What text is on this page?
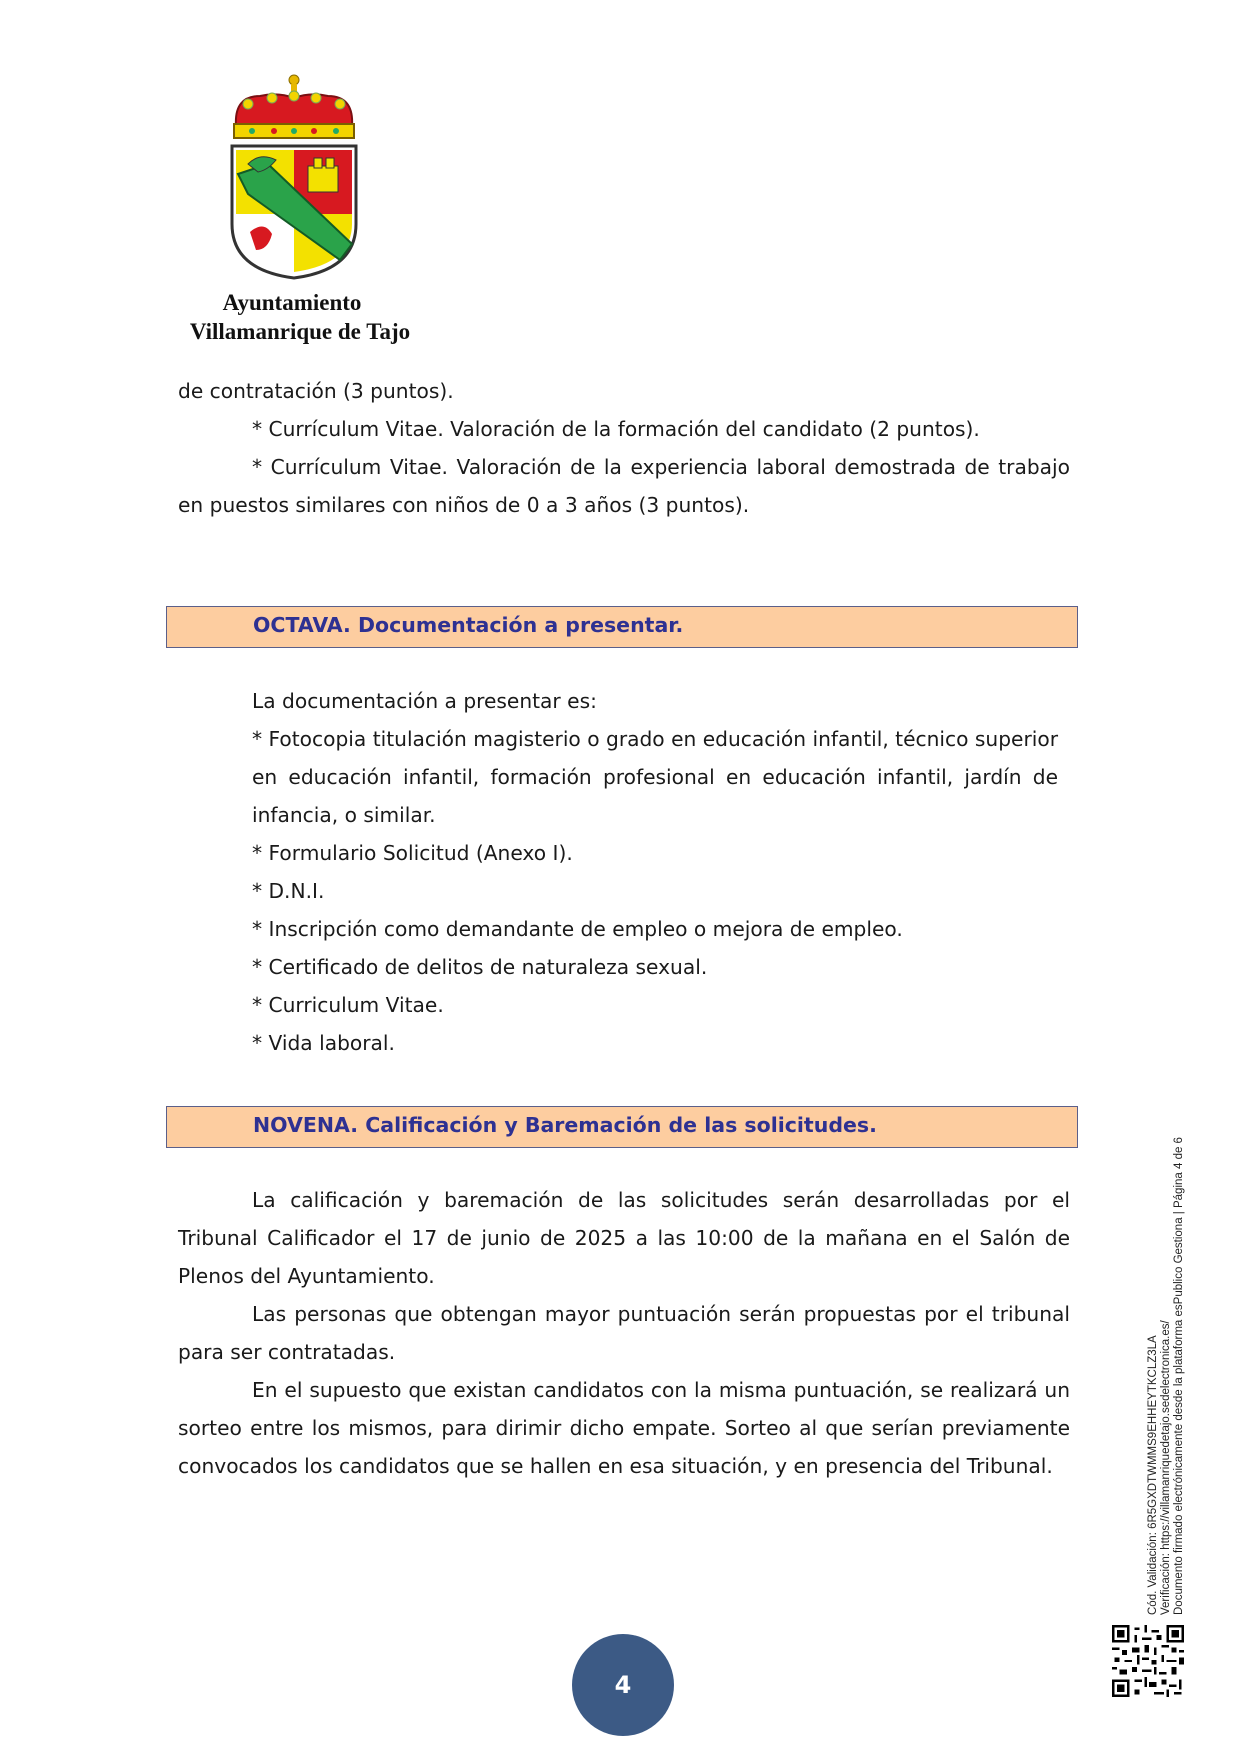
Ayuntamiento
Villamanrique de Tajo

de contratación (3 puntos).

* Currículum Vitae. Valoración de la formación del candidato (2 puntos).

* Currículum Vitae. Valoración de la experiencia laboral demostrada de trabajo en puestos similares con niños de 0 a 3 años (3 puntos).

OCTAVA. Documentación a presentar.

La documentación a presentar es:

* Fotocopia titulación magisterio o grado en educación infantil, técnico superior en educación infantil, formación profesional en educación infantil, jardín de infancia, o similar.

* Formulario Solicitud (Anexo I).

* D.N.I.

* Inscripción como demandante de empleo o mejora de empleo.

* Certificado de delitos de naturaleza sexual.

* Curriculum Vitae.

* Vida laboral.

NOVENA. Calificación y Baremación de las solicitudes.

La calificación y baremación de las solicitudes serán desarrolladas por el Tribunal Calificador el 17 de junio de 2025 a las 10:00 de la mañana en el Salón de Plenos del Ayuntamiento.

Las personas que obtengan mayor puntuación serán propuestas por el tribunal para ser contratadas.

En el supuesto que existan candidatos con la misma puntuación, se realizará un sorteo entre los mismos, para dirimir dicho empate. Sorteo al que serían previamente convocados los candidatos que se hallen en esa situación, y en presencia del Tribunal.	Cód. Validación: 6R5GXDTWMMS9EHHEYTKCLZ3LA Verificación: https://villamanriquedetajo.sedelectronica.es/ Documento firmado electrónicamente desde la plataforma esPublico Gestiona | Página 4 de 6
4
